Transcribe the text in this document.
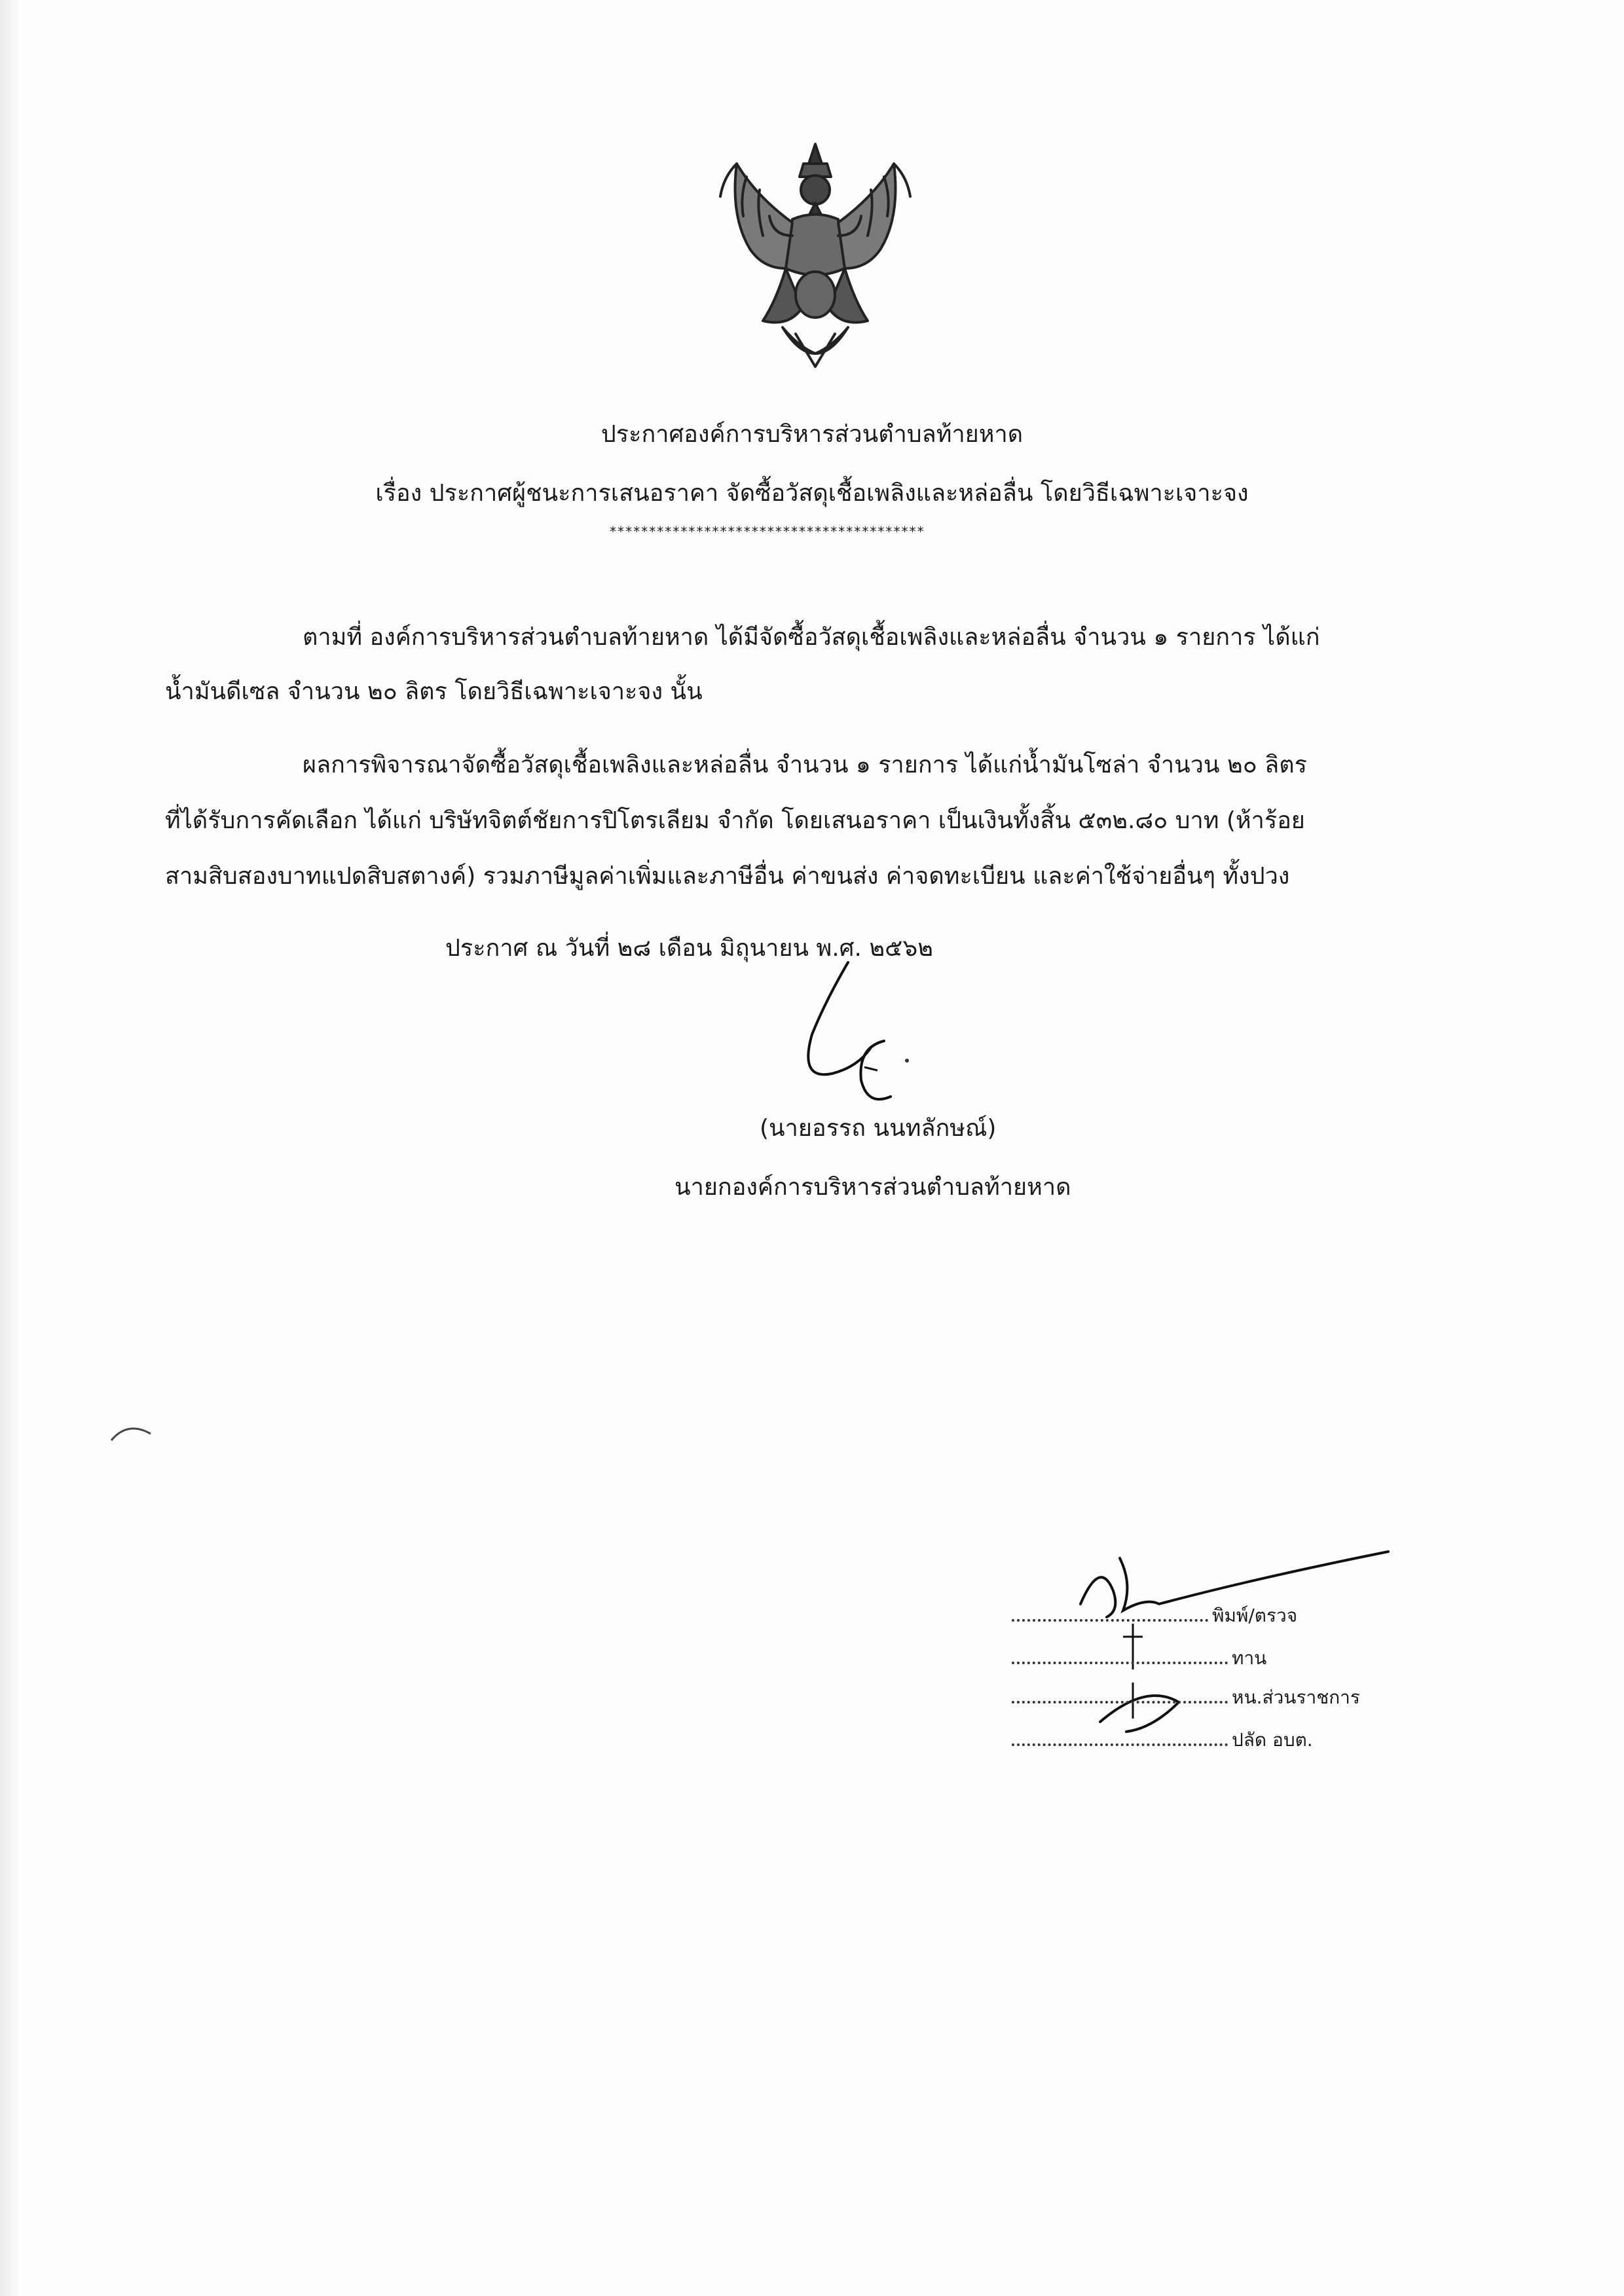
ประกาศองค์การบริหารส่วนตำบลท้ายหาด
เรื่อง ประกาศผู้ชนะการเสนอราคา จัดซื้อวัสดุเชื้อเพลิงและหล่อลื่น โดยวิธีเฉพาะเจาะจง
****************************************
ตามที่ องค์การบริหารส่วนตำบลท้ายหาด ได้มีจัดซื้อวัสดุเชื้อเพลิงและหล่อลื่น จำนวน ๑ รายการ ได้แก่
น้ำมันดีเซล จำนวน ๒๐ ลิตร โดยวิธีเฉพาะเจาะจง นั้น
ผลการพิจารณาจัดซื้อวัสดุเชื้อเพลิงและหล่อลื่น จำนวน ๑ รายการ ได้แก่น้ำมันโซล่า จำนวน ๒๐ ลิตร
ที่ได้รับการคัดเลือก ได้แก่ บริษัทจิตต์ชัยการปิโตรเลียม จำกัด โดยเสนอราคา เป็นเงินทั้งสิ้น ๕๓๒.๘๐ บาท (ห้าร้อย
สามสิบสองบาทแปดสิบสตางค์) รวมภาษีมูลค่าเพิ่มและภาษีอื่น ค่าขนส่ง ค่าจดทะเบียน และค่าใช้จ่ายอื่นๆ ทั้งปวง
ประกาศ ณ วันที่ ๒๘ เดือน มิถุนายน พ.ศ. ๒๕๖๒
(นายอรรถ นนทลักษณ์)
นายกองค์การบริหารส่วนตำบลท้ายหาด
พิมพ์/ตรวจ
ทาน
หน.ส่วนราชการ
ปลัด อบต.
